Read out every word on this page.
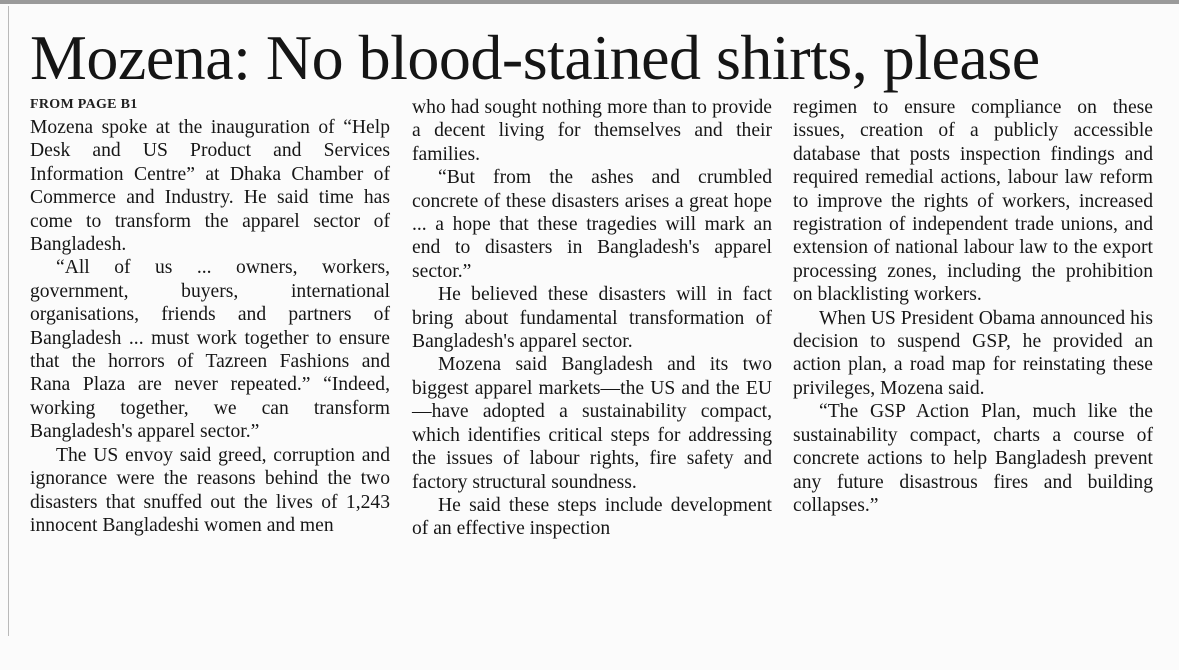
Mozena: No blood-stained shirts, please
FROM PAGE B1

Mozena spoke at the inauguration of “Help Desk and US Product and Services Information Centre” at Dhaka Chamber of Commerce and Industry. He said time has come to transform the apparel sector of Bangladesh.

“All of us ... owners, workers, government, buyers, international organisations, friends and partners of Bangladesh ... must work together to ensure that the horrors of Tazreen Fashions and Rana Plaza are never repeated.” “Indeed, working together, we can transform Bangladesh's apparel sector.”

The US envoy said greed, corruption and ignorance were the reasons behind the two disasters that snuffed out the lives of 1,243 innocent Bangladeshi women and men

who had sought nothing more than to provide a decent living for themselves and their families.

“But from the ashes and crumbled concrete of these disasters arises a great hope ... a hope that these tragedies will mark an end to disasters in Bangladesh's apparel sector.”

He believed these disasters will in fact bring about fundamental transformation of Bangladesh's apparel sector.

Mozena said Bangladesh and its two biggest apparel markets—the US and the EU—have adopted a sustainability compact, which identifies critical steps for addressing the issues of labour rights, fire safety and factory structural soundness.

He said these steps include development of an effective inspection

regimen to ensure compliance on these issues, creation of a publicly accessible database that posts inspection findings and required remedial actions, labour law reform to improve the rights of workers, increased registration of independent trade unions, and extension of national labour law to the export processing zones, including the prohibition on blacklisting workers.

When US President Obama announced his decision to suspend GSP, he provided an action plan, a road map for reinstating these privileges, Mozena said.

“The GSP Action Plan, much like the sustainability compact, charts a course of concrete actions to help Bangladesh prevent any future disastrous fires and building collapses.”
